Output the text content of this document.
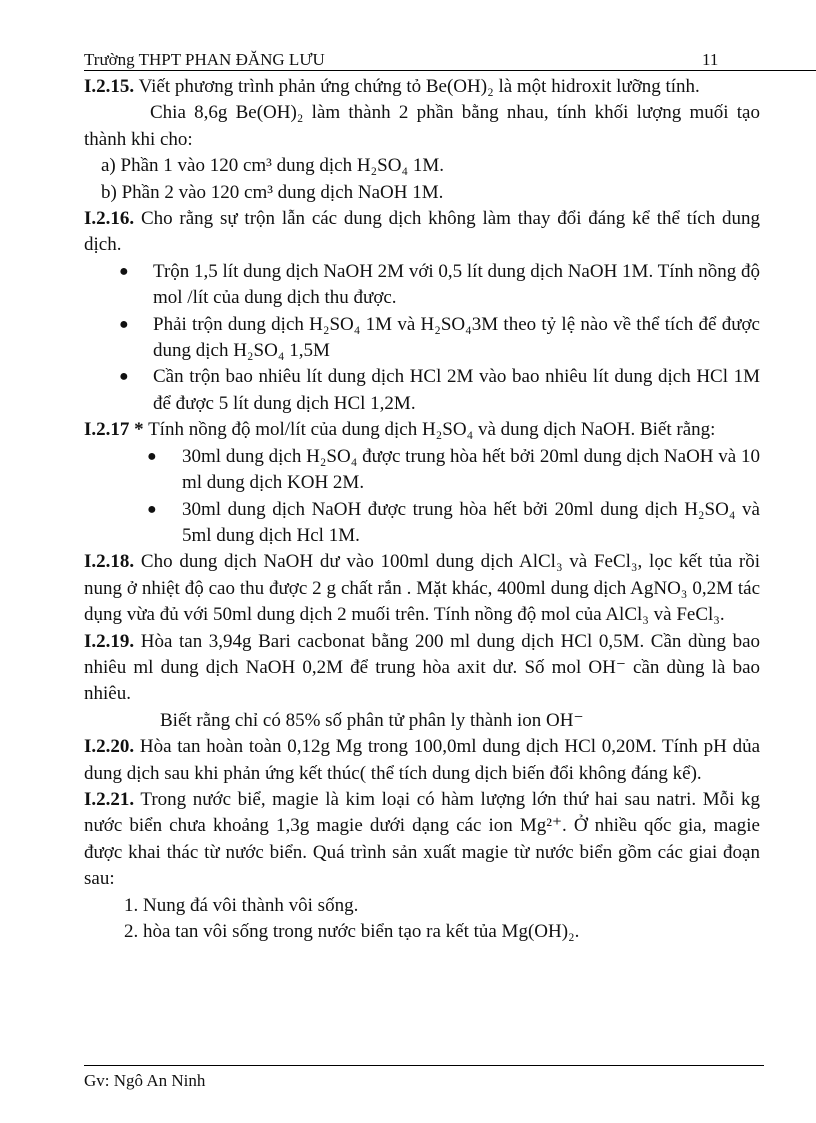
Trường THPT PHAN ĐĂNG LƯU	11

I.2.15. Viết phương trình phản ứng chứng tỏ Be(OH)₂ là một hidroxit lưỡng tính.

Chia 8,6g Be(OH)₂ làm thành 2 phần bằng nhau, tính khối lượng muối tạo thành khi cho:

a) Phần 1 vào 120 cm³ dung dịch H₂SO₄ 1M.

b) Phần 2 vào 120 cm³ dung dịch NaOH 1M.

I.2.16. Cho rằng sự trộn lẫn các dung dịch không làm thay đổi đáng kể thể tích dung dịch.

● Trộn 1,5 lít dung dịch NaOH 2M với 0,5 lít dung dịch NaOH 1M. Tính nồng độ mol /lít của dung dịch thu được.
● Phải trộn dung dịch H₂SO₄ 1M và H₂SO₄3M theo tỷ lệ nào về thể tích để được dung dịch H₂SO₄ 1,5M
● Cần trộn bao nhiêu lít dung dịch HCl 2M vào bao nhiêu lít dung dịch HCl 1M để được 5 lít dung dịch HCl 1,2M.

I.2.17 * Tính nồng độ mol/lít của dung dịch H₂SO₄ và dung dịch NaOH. Biết rằng:

● 30ml dung dịch H₂SO₄ được trung hòa hết bởi 20ml dung dịch NaOH và 10 ml dung dịch KOH 2M.
● 30ml dung dịch NaOH được trung hòa hết bởi 20ml dung dịch H₂SO₄ và 5ml dung dịch Hcl 1M.

I.2.18. Cho dung dịch NaOH dư vào 100ml dung dịch AlCl₃ và FeCl₃, lọc kết tủa rồi nung ở nhiệt độ cao thu được 2 g chất rắn . Mặt khác, 400ml dung dịch AgNO₃ 0,2M tác dụng vừa đủ với 50ml dung dịch 2 muối trên. Tính nồng độ mol của AlCl₃ và FeCl₃.

I.2.19. Hòa tan 3,94g Bari cacbonat bằng 200 ml dung dịch HCl 0,5M. Cần dùng bao nhiêu ml dung dịch NaOH 0,2M để trung hòa axit dư. Số mol OH⁻ cần dùng là bao nhiêu.

Biết rằng chỉ có 85% số phân tử phân ly thành ion OH⁻

I.2.20. Hòa tan hoàn toàn 0,12g Mg trong 100,0ml dung dịch HCl 0,20M. Tính pH dủa dung dịch sau khi phản ứng kết thúc( thể tích dung dịch biến đổi không đáng kể).

I.2.21. Trong nước biể, magie là kim loại có hàm lượng lớn thứ hai sau natri. Mỗi kg nước biển chưa khoảng 1,3g magie dưới dạng các ion Mg²⁺. Ở nhiều qốc gia, magie được khai thác từ nước biển. Quá trình sản xuất magie từ nước biển gồm các giai đoạn sau:

1. Nung đá vôi thành vôi sống.

2. hòa tan vôi sống trong nước biển tạo ra kết tủa Mg(OH)₂.

Gv: Ngô An Ninh
